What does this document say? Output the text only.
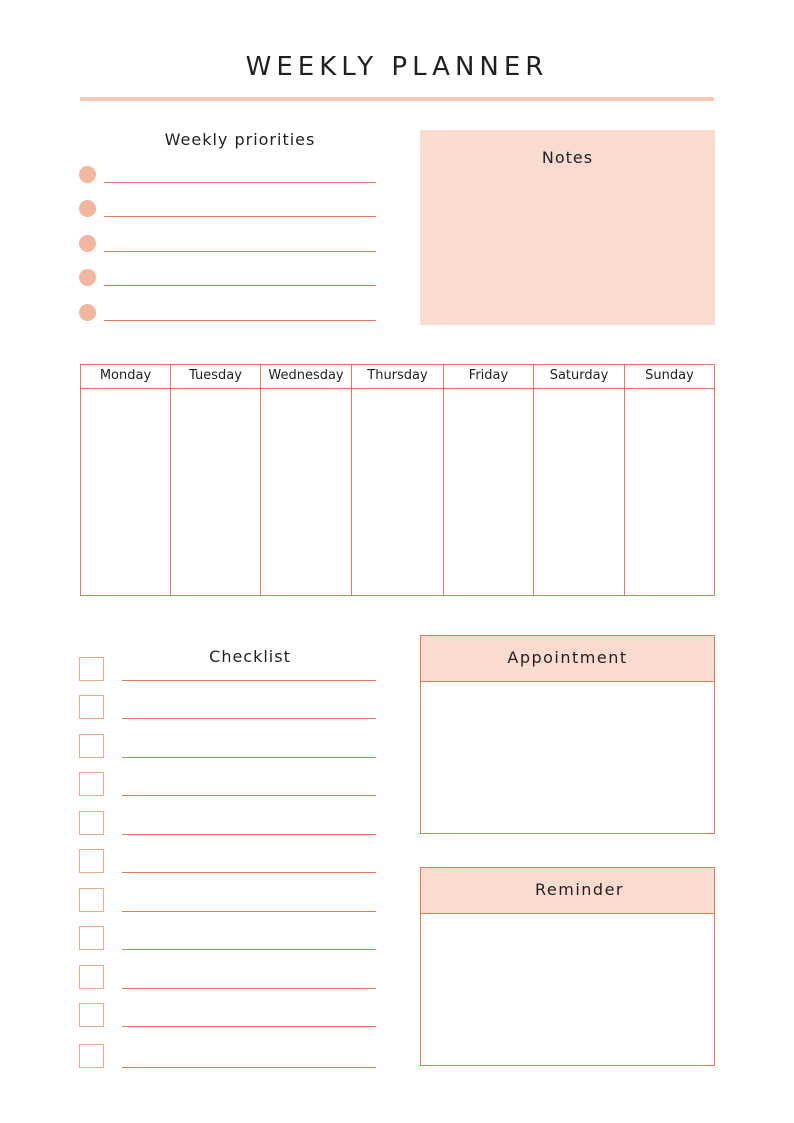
WEEKLY PLANNER
Weekly priorities
Notes
Monday	Tuesday	Wednesday	Thursday	Friday	Saturday	Sunday
Checklist	Appointment
Reminder
